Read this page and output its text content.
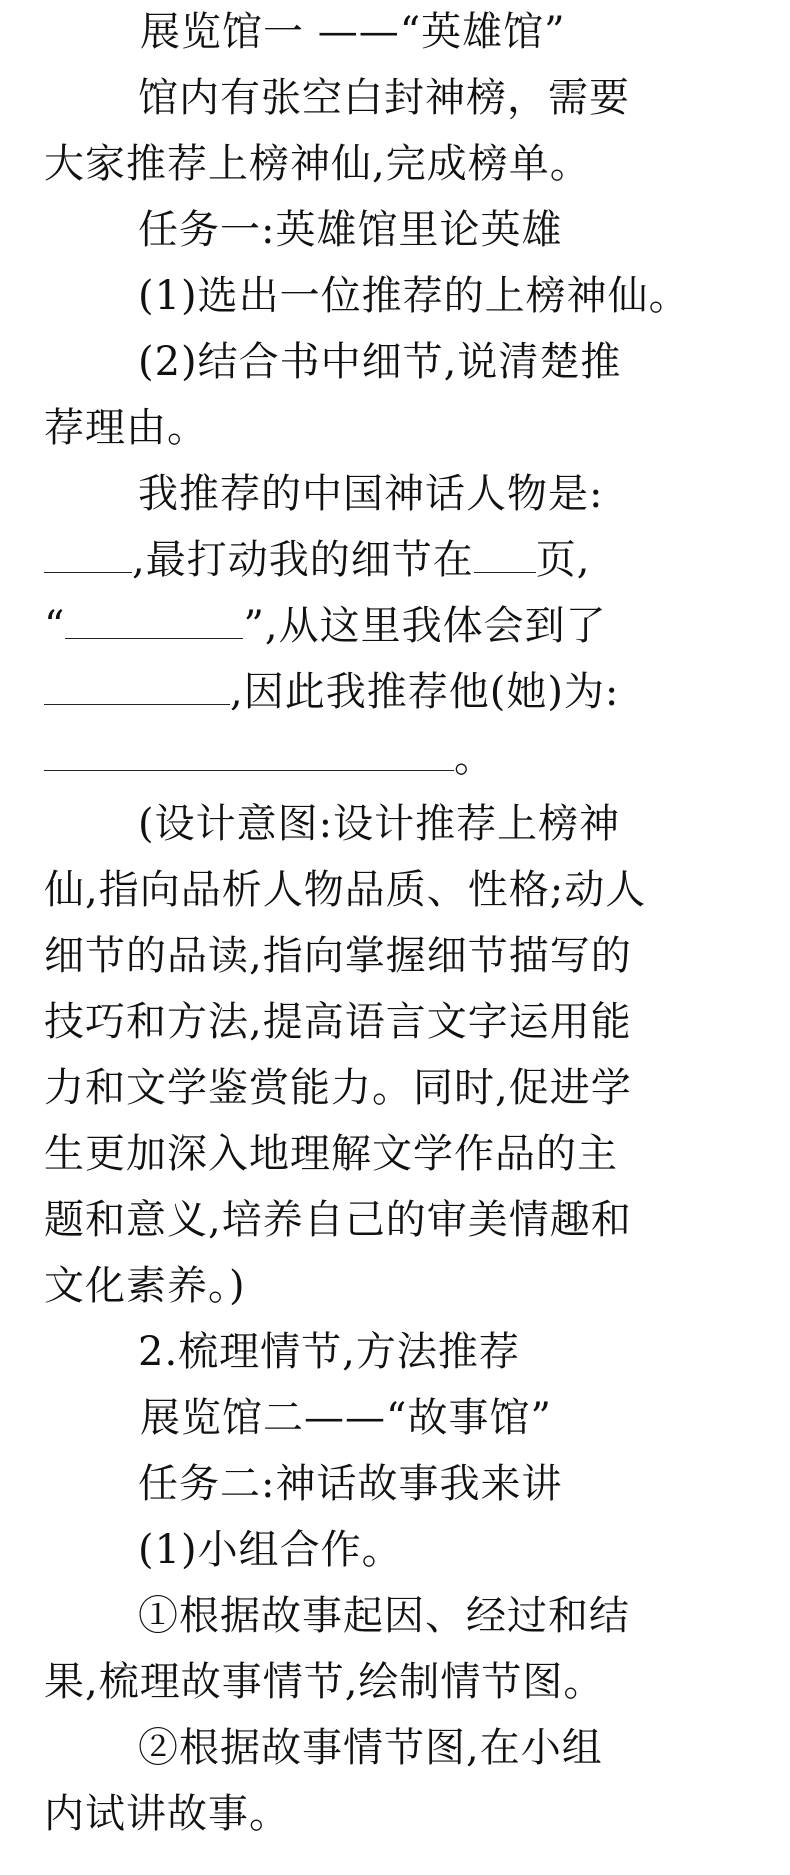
展览馆一 ——“英雄馆”
馆内有张空白封神榜，需要
大家推荐上榜神仙,完成榜单。
任务一:英雄馆里论英雄
(1)选出一位推荐的上榜神仙。
(2)结合书中细节,说清楚推
荐理由。
我推荐的中国神话人物是:
,最打动我的细节在 页,
“	”,从这里我体会到了
,因此我推荐他(她)为:
。
(设计意图:设计推荐上榜神
仙,指向品析人物品质、性格;动人
细节的品读,指向掌握细节描写的
技巧和方法,提高语言文字运用能
力和文学鉴赏能力。同时,促进学
生更加深入地理解文学作品的主
题和意义,培养自己的审美情趣和
文化素养。)
2.梳理情节,方法推荐
展览馆二——“故事馆”
任务二:神话故事我来讲
(1)小组合作。
①根据故事起因、经过和结
果,梳理故事情节,绘制情节图。
②根据故事情节图,在小组
内试讲故事。
